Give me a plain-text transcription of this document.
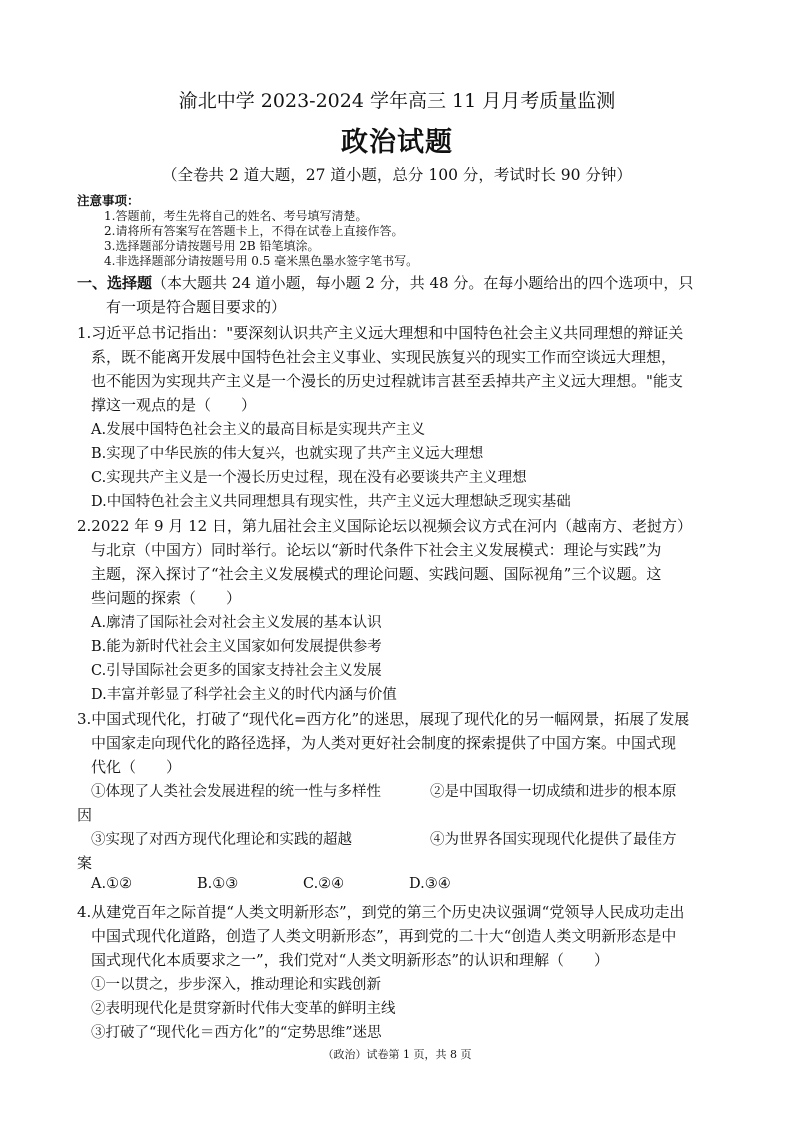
渝北中学 2023-2024 学年高三 11 月月考质量监测
政治试题
（全卷共 2 道大题，27 道小题，总分 100 分，考试时长 90 分钟）
注意事项：
1.答题前，考生先将自己的姓名、考号填写清楚。
2.请将所有答案写在答题卡上，不得在试卷上直接作答。
3.选择题部分请按题号用 2B 铅笔填涂。
4.非选择题部分请按题号用 0.5 毫米黑色墨水签字笔书写。
一、选择题（本大题共 24 道小题，每小题 2 分，共 48 分。在每小题给出的四个选项中，只
有一项是符合题目要求的）
1.习近平总书记指出："要深刻认识共产主义远大理想和中国特色社会主义共同理想的辩证关
系，既不能离开发展中国特色社会主义事业、实现民族复兴的现实工作而空谈远大理想，
也不能因为实现共产主义是一个漫长的历史过程就讳言甚至丢掉共产主义远大理想。"能支
撑这一观点的是（　　）
A.发展中国特色社会主义的最高目标是实现共产主义
B.实现了中华民族的伟大复兴，也就实现了共产主义远大理想
C.实现共产主义是一个漫长历史过程，现在没有必要谈共产主义理想
D.中国特色社会主义共同理想具有现实性，共产主义远大理想缺乏现实基础
2.2022 年 9 月 12 日，第九届社会主义国际论坛以视频会议方式在河内（越南方、老挝方）
与北京（中国方）同时举行。论坛以“新时代条件下社会主义发展模式：理论与实践”为
主题，深入探讨了“社会主义发展模式的理论问题、实践问题、国际视角”三个议题。这
些问题的探索（　　）
A.廓清了国际社会对社会主义发展的基本认识
B.能为新时代社会主义国家如何发展提供参考
C.引导国际社会更多的国家支持社会主义发展
D.丰富并彰显了科学社会主义的时代内涵与价值
3.中国式现代化，打破了“现代化=西方化”的迷思，展现了现代化的另一幅网景，拓展了发展
中国家走向现代化的路径选择，为人类对更好社会制度的探索提供了中国方案。中国式现
代化（　　）
①体现了人类社会发展进程的统一性与多样性	②是中国取得一切成绩和进步的根本原
因
③实现了对西方现代化理论和实践的超越	④为世界各国实现现代化提供了最佳方
案
A.①②	B.①③	C.②④	D.③④
4.从建党百年之际首提“人类文明新形态”，到党的第三个历史决议强调“党领导人民成功走出
中国式现代化道路，创造了人类文明新形态”，再到党的二十大“创造人类文明新形态是中
国式现代化本质要求之一”，我们党对“人类文明新形态”的认识和理解（　　）
①一以贯之，步步深入，推动理论和实践创新
②表明现代化是贯穿新时代伟大变革的鲜明主线
③打破了“现代化＝西方化”的“定势思维”迷思
（政治）试卷第 1 页，共 8 页
